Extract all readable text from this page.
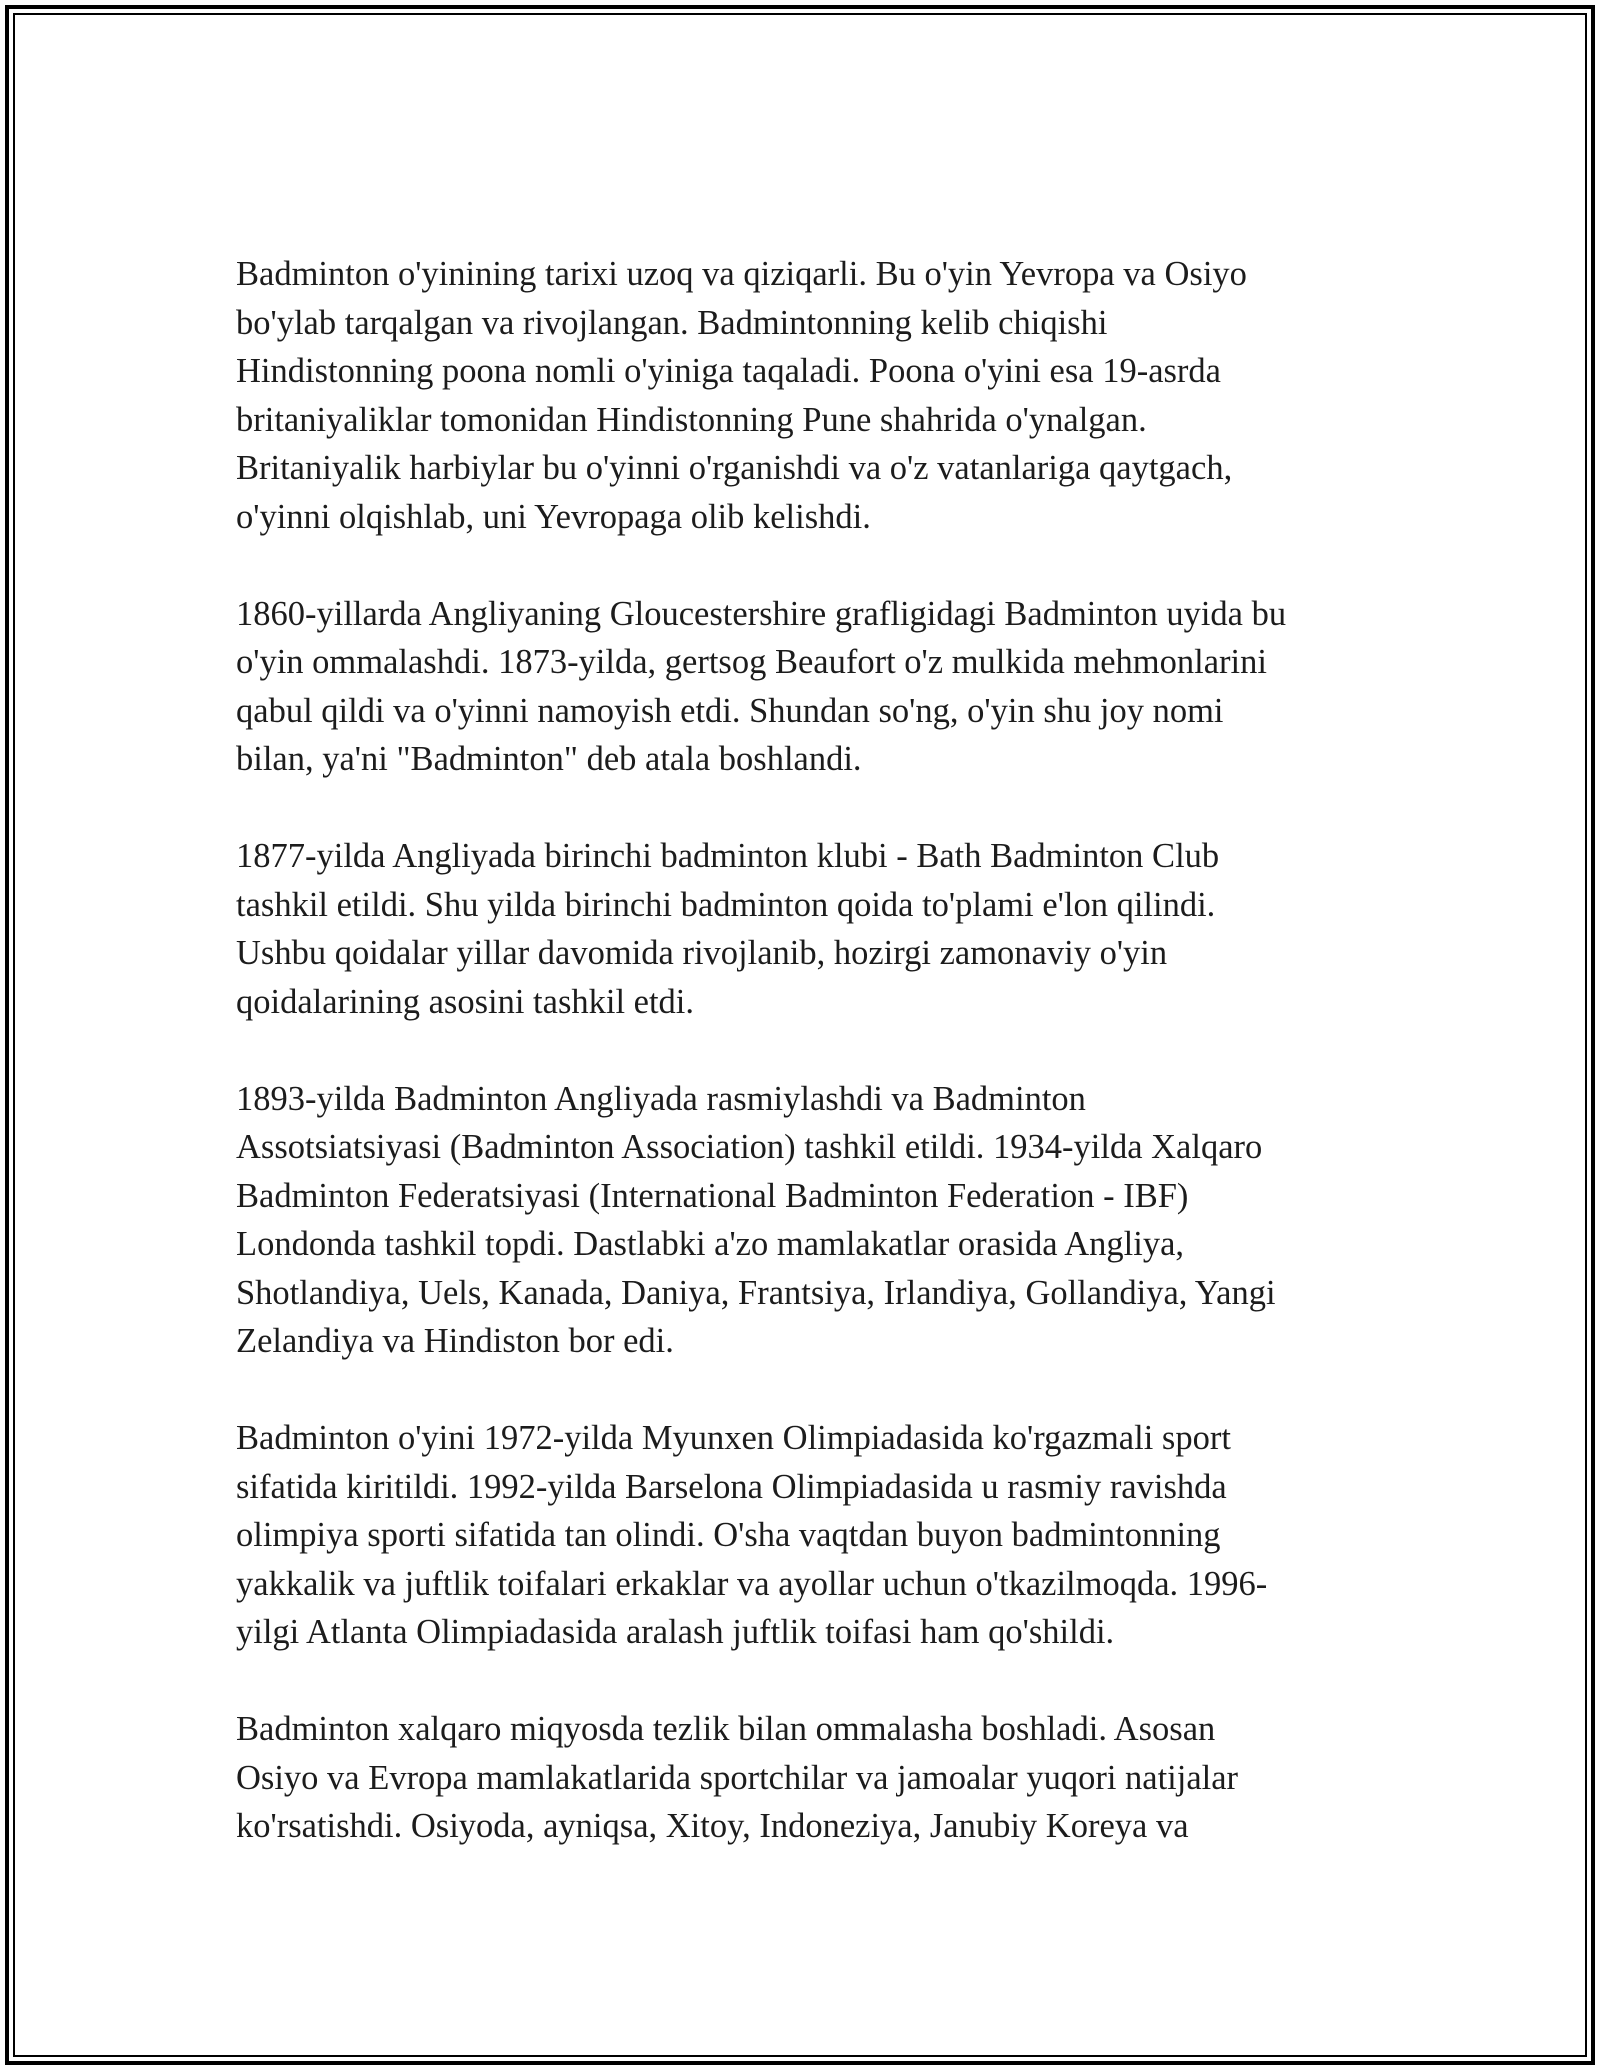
Badminton o'yinining tarixi uzoq va qiziqarli. Bu o'yin Yevropa va Osiyo
bo'ylab tarqalgan va rivojlangan. Badmintonning kelib chiqishi
Hindistonning poona nomli o'yiniga taqaladi. Poona o'yini esa 19-asrda
britaniyaliklar tomonidan Hindistonning Pune shahrida o'ynalgan.
Britaniyalik harbiylar bu o'yinni o'rganishdi va o'z vatanlariga qaytgach,
o'yinni olqishlab, uni Yevropaga olib kelishdi.

1860-yillarda Angliyaning Gloucestershire grafligidagi Badminton uyida bu
o'yin ommalashdi. 1873-yilda, gertsog Beaufort o'z mulkida mehmonlarini
qabul qildi va o'yinni namoyish etdi. Shundan so'ng, o'yin shu joy nomi
bilan, ya'ni "Badminton" deb atala boshlandi.

1877-yilda Angliyada birinchi badminton klubi - Bath Badminton Club
tashkil etildi. Shu yilda birinchi badminton qoida to'plami e'lon qilindi.
Ushbu qoidalar yillar davomida rivojlanib, hozirgi zamonaviy o'yin
qoidalarining asosini tashkil etdi.

1893-yilda Badminton Angliyada rasmiylashdi va Badminton
Assotsiatsiyasi (Badminton Association) tashkil etildi. 1934-yilda Xalqaro
Badminton Federatsiyasi (International Badminton Federation - IBF)
Londonda tashkil topdi. Dastlabki a'zo mamlakatlar orasida Angliya,
Shotlandiya, Uels, Kanada, Daniya, Frantsiya, Irlandiya, Gollandiya, Yangi
Zelandiya va Hindiston bor edi.

Badminton o'yini 1972-yilda Myunxen Olimpiadasida ko'rgazmali sport
sifatida kiritildi. 1992-yilda Barselona Olimpiadasida u rasmiy ravishda
olimpiya sporti sifatida tan olindi. O'sha vaqtdan buyon badmintonning
yakkalik va juftlik toifalari erkaklar va ayollar uchun o'tkazilmoqda. 1996-
yilgi Atlanta Olimpiadasida aralash juftlik toifasi ham qo'shildi.

Badminton xalqaro miqyosda tezlik bilan ommalasha boshladi. Asosan
Osiyo va Evropa mamlakatlarida sportchilar va jamoalar yuqori natijalar
ko'rsatishdi. Osiyoda, ayniqsa, Xitoy, Indoneziya, Janubiy Koreya va
